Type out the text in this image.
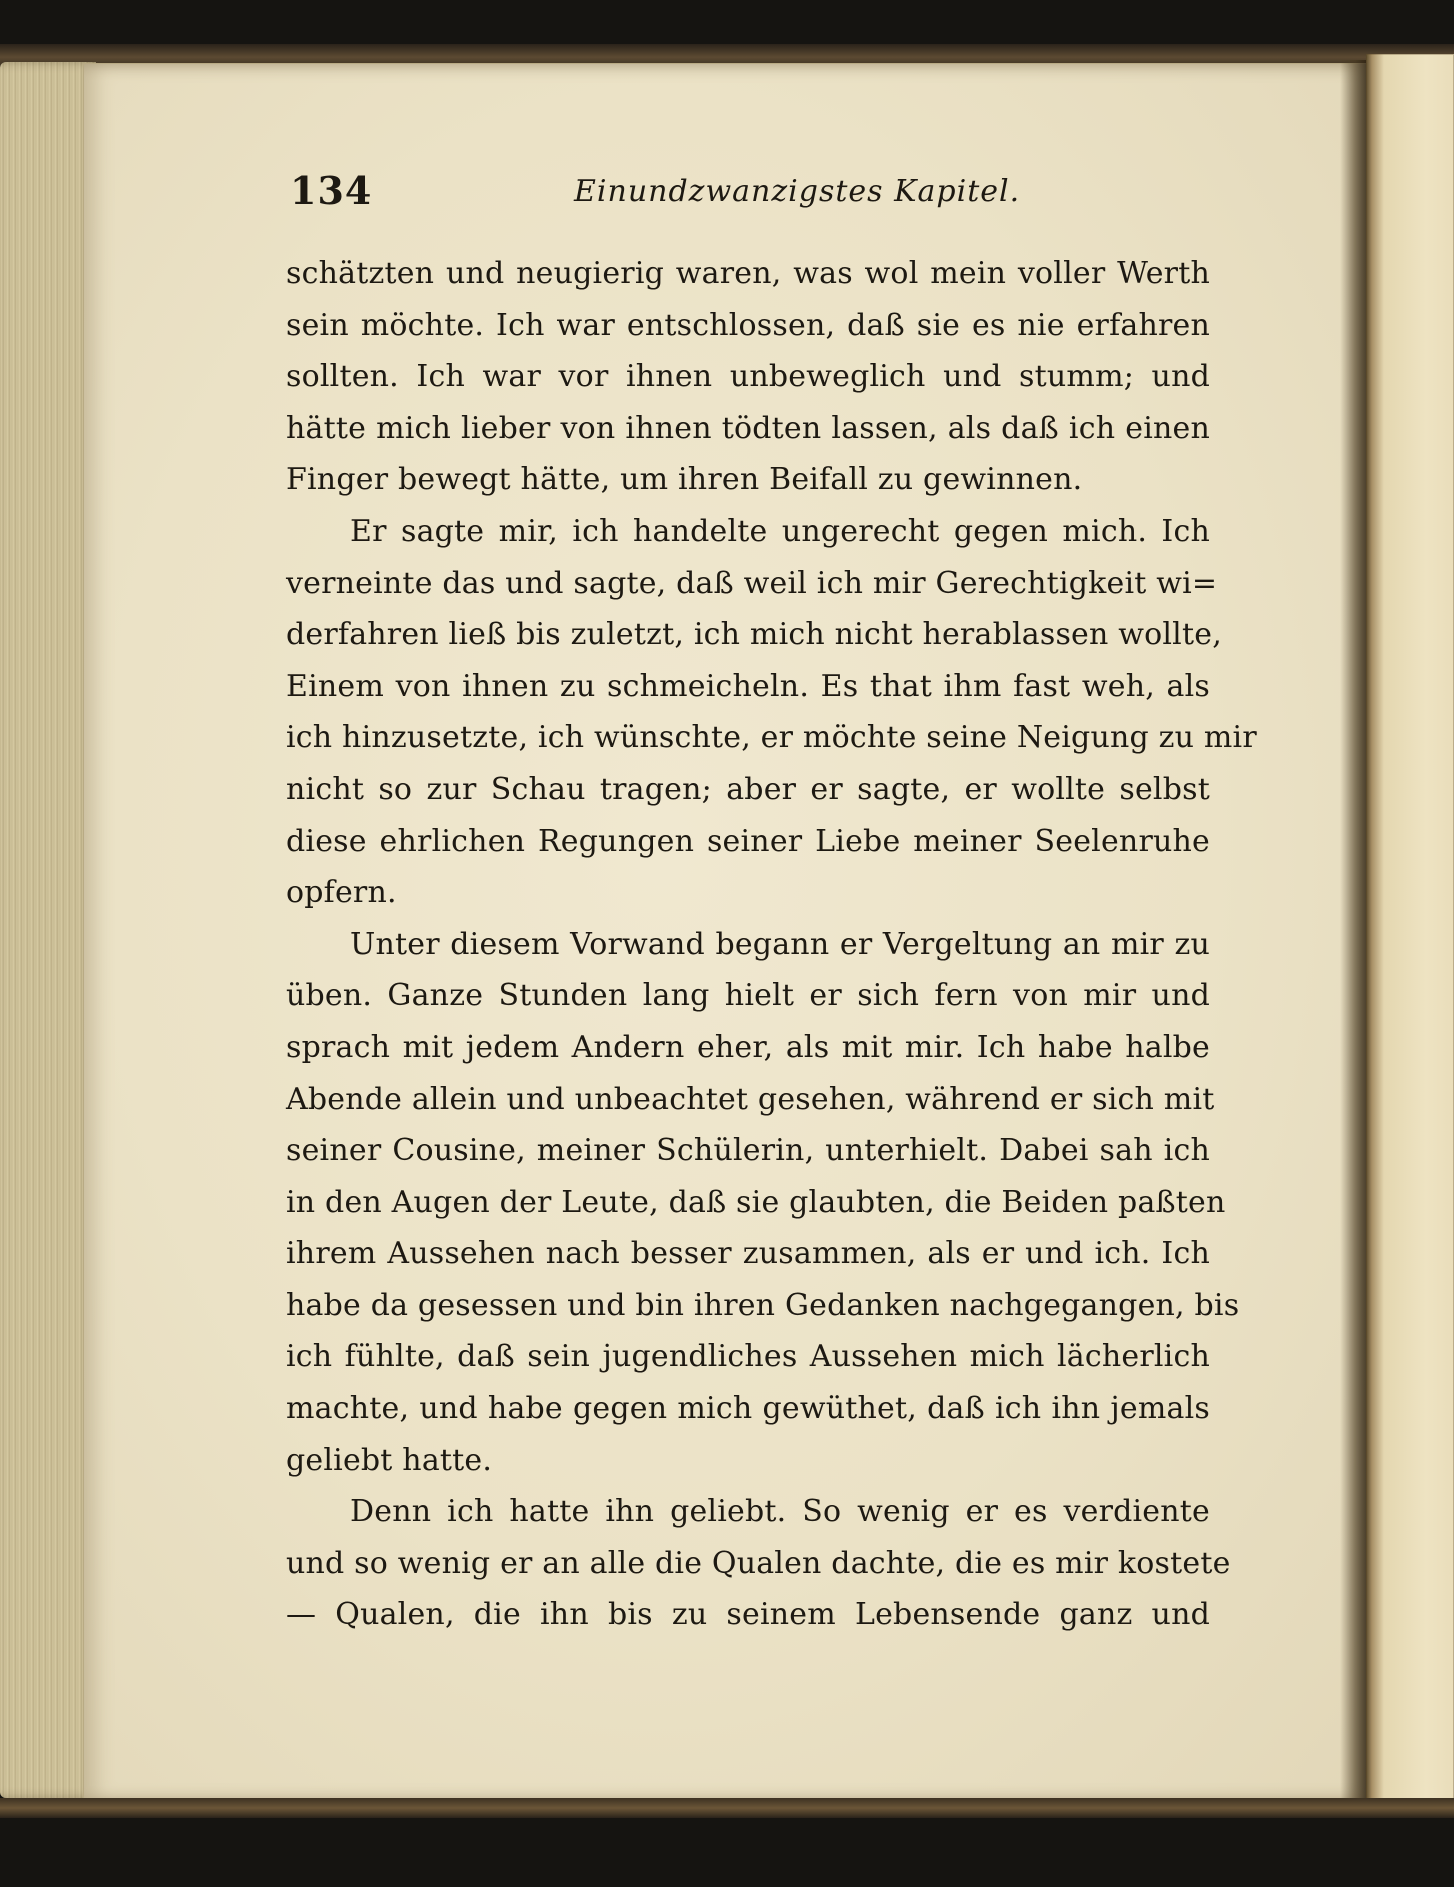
134	Einundzwanzigstes Kapitel.
schätzten und neugierig waren, was wol mein voller Werth
sein möchte. Ich war entschlossen, daß sie es nie erfahren
sollten. Ich war vor ihnen unbeweglich und stumm; und
hätte mich lieber von ihnen tödten lassen, als daß ich einen
Finger bewegt hätte, um ihren Beifall zu gewinnen.
Er sagte mir, ich handelte ungerecht gegen mich. Ich
verneinte das und sagte, daß weil ich mir Gerechtigkeit wi=
derfahren ließ bis zuletzt, ich mich nicht herablassen wollte,
Einem von ihnen zu schmeicheln. Es that ihm fast weh, als
ich hinzusetzte, ich wünschte, er möchte seine Neigung zu mir
nicht so zur Schau tragen; aber er sagte, er wollte selbst
diese ehrlichen Regungen seiner Liebe meiner Seelenruhe
opfern.
Unter diesem Vorwand begann er Vergeltung an mir zu
üben. Ganze Stunden lang hielt er sich fern von mir und
sprach mit jedem Andern eher, als mit mir. Ich habe halbe
Abende allein und unbeachtet gesehen, während er sich mit
seiner Cousine, meiner Schülerin, unterhielt. Dabei sah ich
in den Augen der Leute, daß sie glaubten, die Beiden paßten
ihrem Aussehen nach besser zusammen, als er und ich. Ich
habe da gesessen und bin ihren Gedanken nachgegangen, bis
ich fühlte, daß sein jugendliches Aussehen mich lächerlich
machte, und habe gegen mich gewüthet, daß ich ihn jemals
geliebt hatte.
Denn ich hatte ihn geliebt. So wenig er es verdiente
und so wenig er an alle die Qualen dachte, die es mir kostete
— Qualen, die ihn bis zu seinem Lebensende ganz und
